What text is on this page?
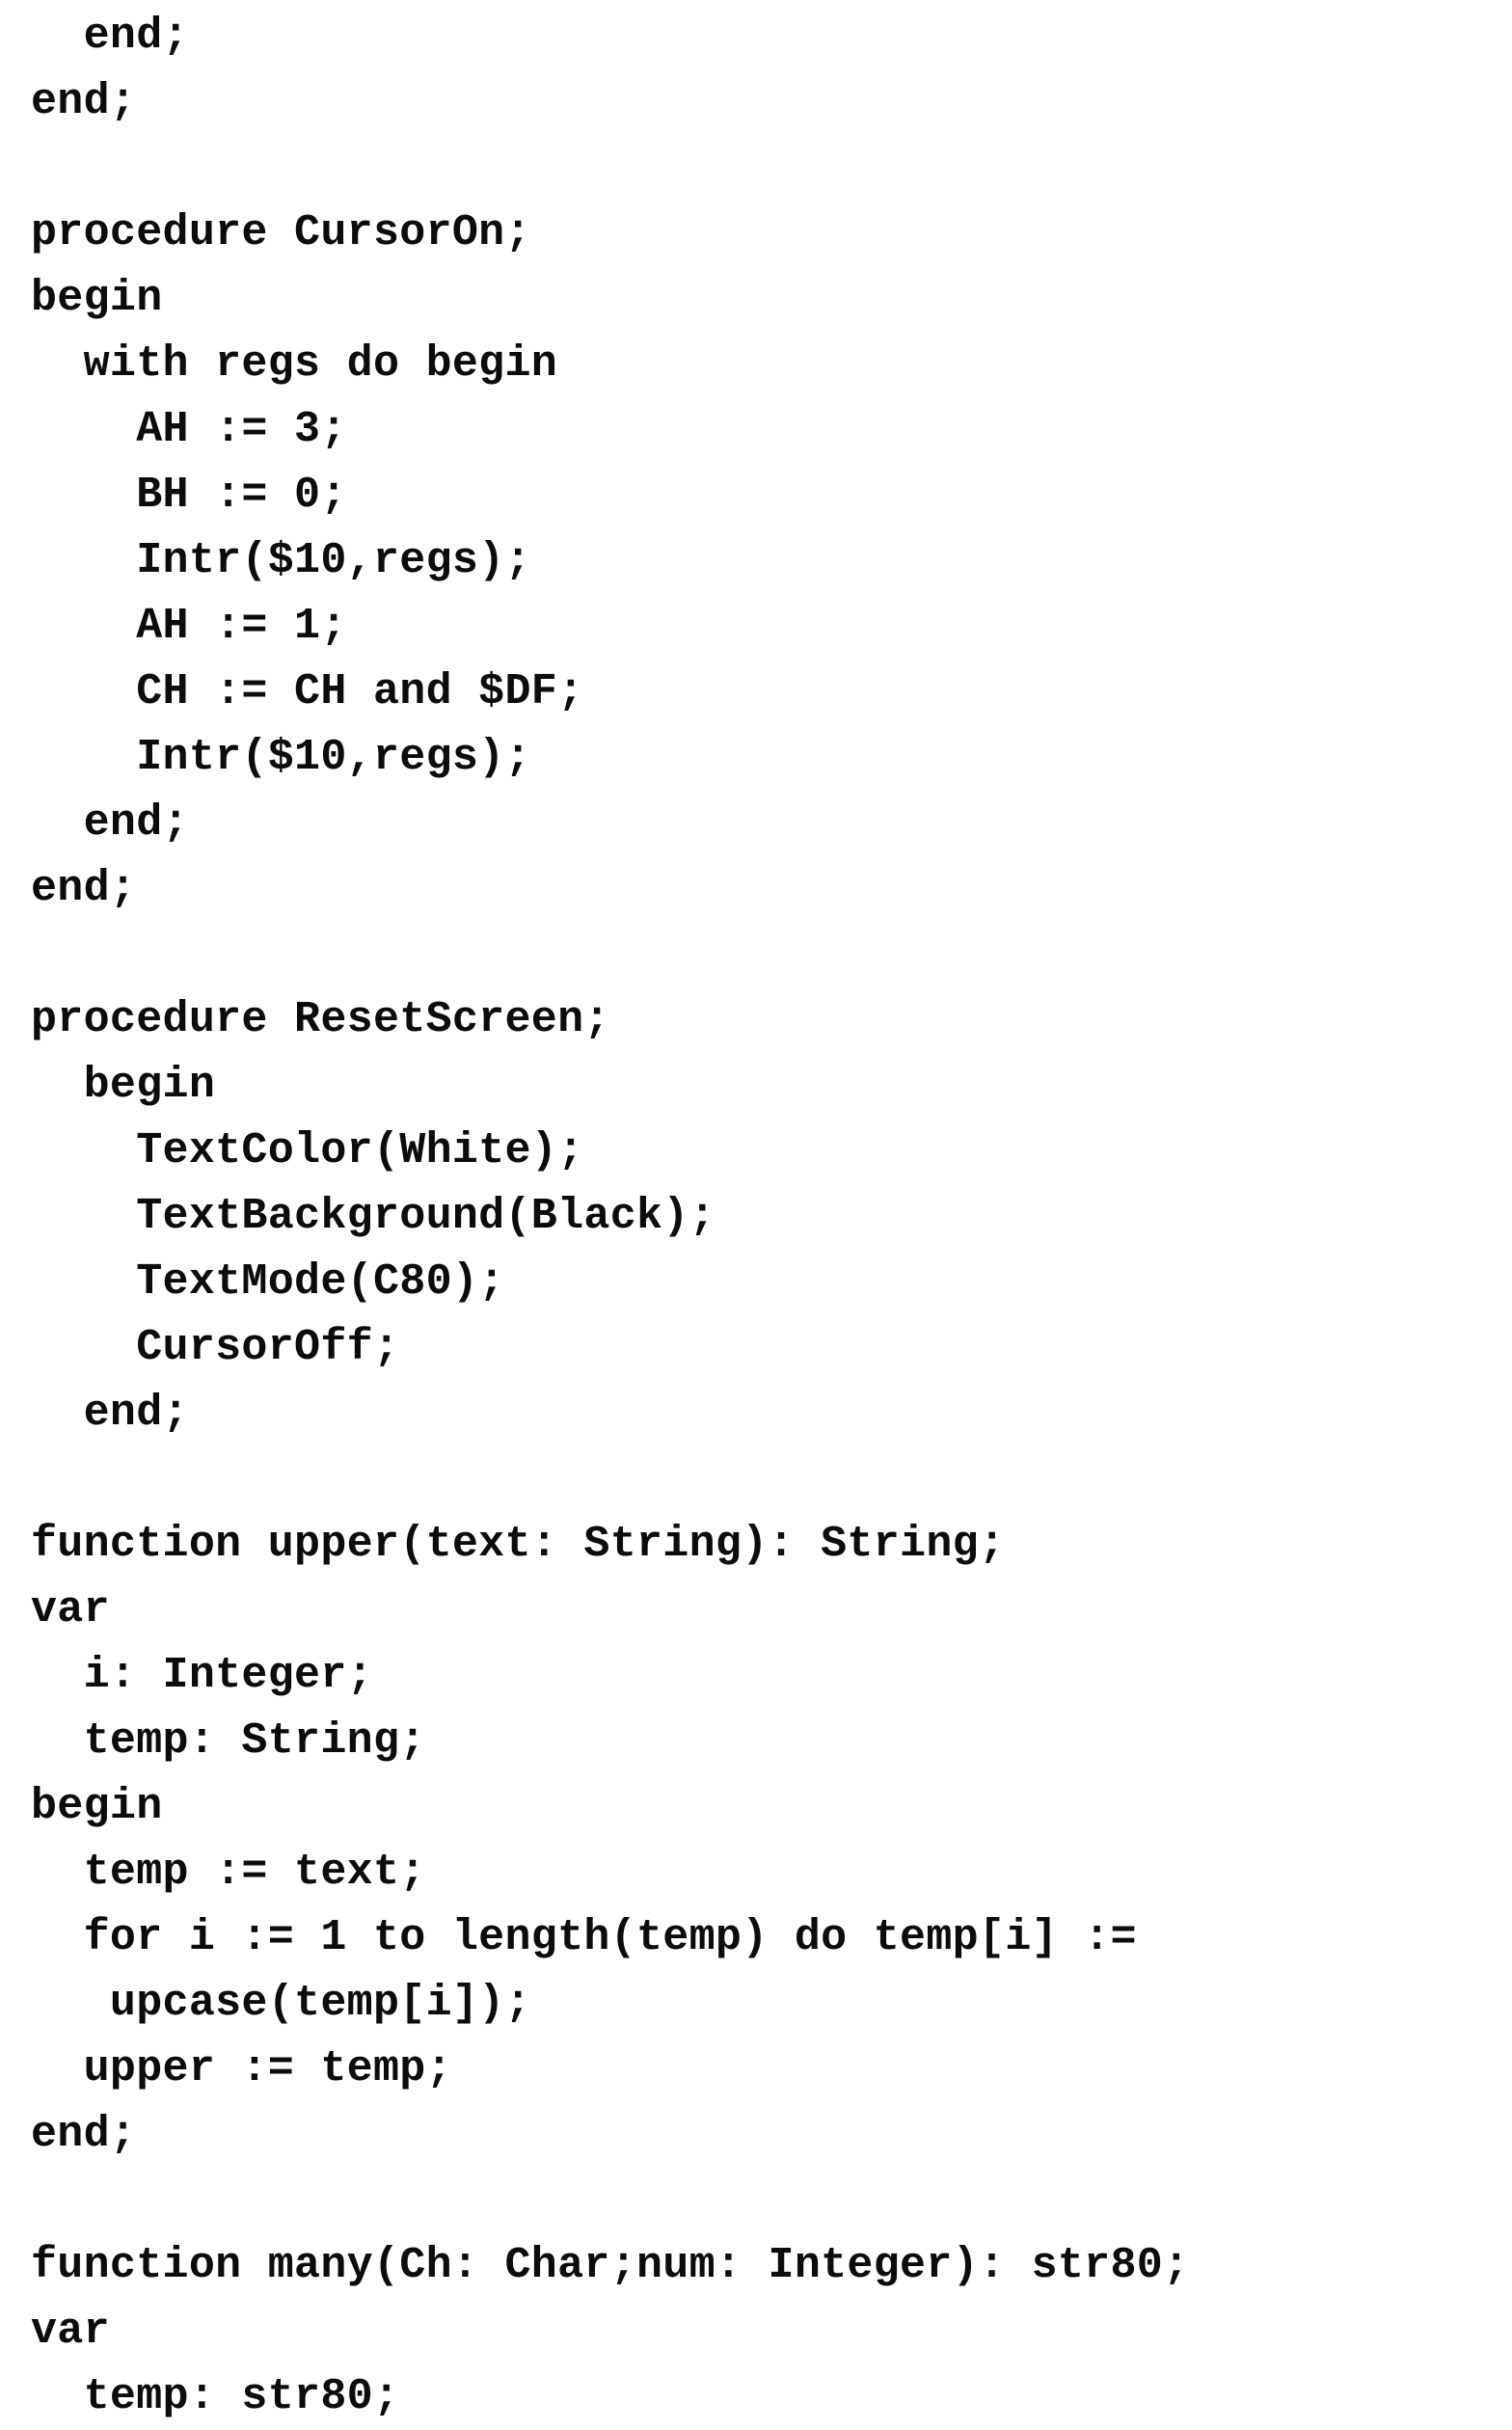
end;
end;
procedure CursorOn;
begin
with regs do begin
AH := 3;
BH := 0;
Intr($10,regs);
AH := 1;
CH := CH and $DF;
Intr($10,regs);
end;
end;
procedure ResetScreen;
begin
TextColor(White);
TextBackground(Black);
TextMode(C80);
CursorOff;
end;
function upper(text: String): String;
var
i: Integer;
temp: String;
begin
temp := text;
for i := 1 to length(temp) do temp[i] :=
upcase(temp[i]);
upper := temp;
end;
function many(Ch: Char;num: Integer): str80;
var
temp: str80;
